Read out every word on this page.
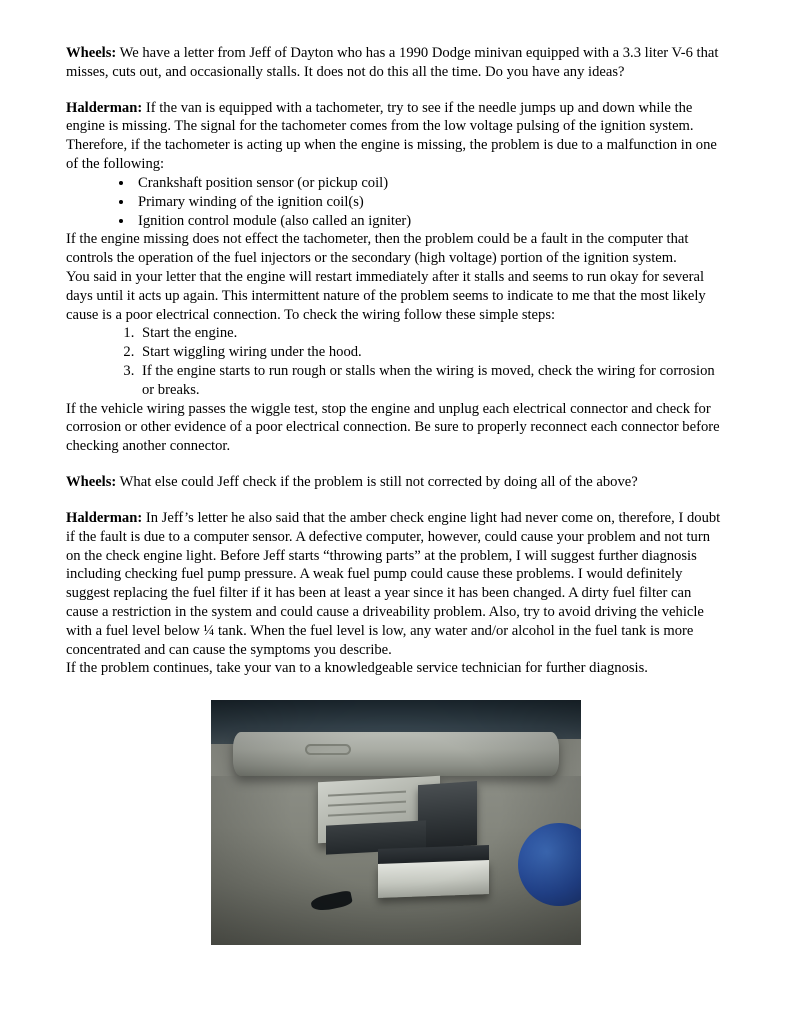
Wheels: We have a letter from Jeff of Dayton who has a 1990 Dodge minivan equipped with a 3.3 liter V-6 that misses, cuts out, and occasionally stalls. It does not do this all the time. Do you have any ideas?

Halderman: If the van is equipped with a tachometer, try to see if the needle jumps up and down while the engine is missing. The signal for the tachometer comes from the low voltage pulsing of the ignition system. Therefore, if the tachometer is acting up when the engine is missing, the problem is due to a malfunction in one of the following:

• Crankshaft position sensor (or pickup coil)
• Primary winding of the ignition coil(s)
• Ignition control module (also called an igniter)

If the engine missing does not effect the tachometer, then the problem could be a fault in the computer that controls the operation of the fuel injectors or the secondary (high voltage) portion of the ignition system.

You said in your letter that the engine will restart immediately after it stalls and seems to run okay for several days until it acts up again. This intermittent nature of the problem seems to indicate to me that the most likely cause is a poor electrical connection. To check the wiring follow these simple steps:

1. Start the engine.
2. Start wiggling wiring under the hood.
3. If the engine starts to run rough or stalls when the wiring is moved, check the wiring for corrosion or breaks.

If the vehicle wiring passes the wiggle test, stop the engine and unplug each electrical connector and check for corrosion or other evidence of a poor electrical connection. Be sure to properly reconnect each connector before checking another connector.

Wheels: What else could Jeff check if the problem is still not corrected by doing all of the above?

Halderman: In Jeff’s letter he also said that the amber check engine light had never come on, therefore, I doubt if the fault is due to a computer sensor. A defective computer, however, could cause your problem and not turn on the check engine light. Before Jeff starts “throwing parts” at the problem, I will suggest further diagnosis including checking fuel pump pressure. A weak fuel pump could cause these problems. I would definitely suggest replacing the fuel filter if it has been at least a year since it has been changed. A dirty fuel filter can cause a restriction in the system and could cause a driveability problem. Also, try to avoid driving the vehicle with a fuel level below ¼ tank. When the fuel level is low, any water and/or alcohol in the fuel tank is more concentrated and can cause the symptoms you describe.

If the problem continues, take your van to a knowledgeable service technician for further diagnosis.
